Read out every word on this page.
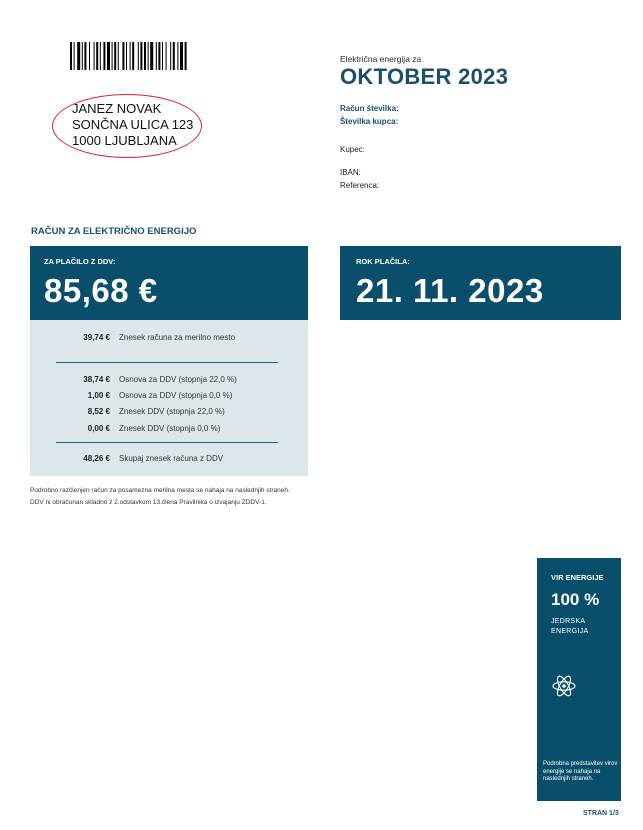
JANEZ NOVAK
SONČNA ULICA 123
1000 LJUBLJANA
Električna energija za
OKTOBER 2023
Račun številka:
Številka kupca:
Kupec:
IBAN:
Referenca:
RAČUN ZA ELEKTRIČNO ENERGIJO
ZA PLAČILO Z DDV:
85,68 €
ROK PLAČILA:
21. 11. 2023
39,74 € Znesek računa za merilno mesto
38,74 € Osnova za DDV (stopnja 22,0 %)
1,00 € Osnova za DDV (stopnja 0,0 %)
8,52 € Znesek DDV (stopnja 22,0 %)
0,00 € Znesek DDV (stopnja 0,0 %)
48,26 € Skupaj znesek računa z DDV
Podrobno razčlenjen račun za posamezna merilna mesta se nahaja na naslednjih straneh.
DDV ni obračunan skladno z 2.odstavkom 13.člena Pravilnika o izvajanju ZDDV-1.
VIR ENERGIJE
100 %
JEDRSKA
ENERGIJA
Podrobna predstavitev virov energije se nahaja na naslednjih straneh.
STRAN 1/3
